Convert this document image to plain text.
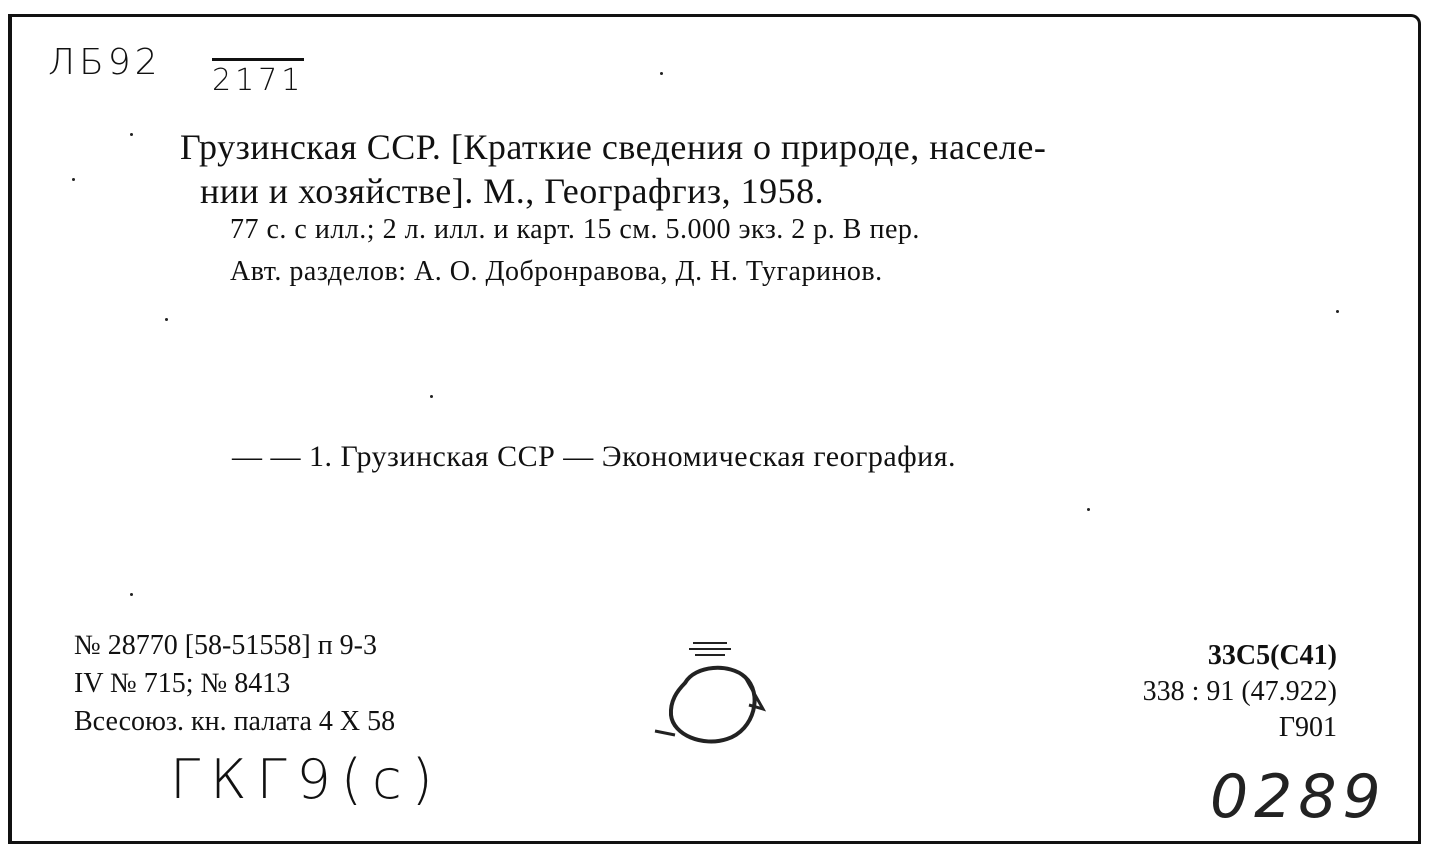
ЛБ92 2171
Грузинская ССР. [Краткие сведения о природе, населе-
нии и хозяйстве]. М., Географгиз, 1958.
77 с. с илл.; 2 л. илл. и карт. 15 см. 5.000 экз. 2 р. В пер.
Авт. разделов: А. О. Добронравова, Д. Н. Тугаринов.
— — 1. Грузинская ССР — Экономическая география.
№ 28770 [58-51558] п 9-3
IV № 715; № 8413
Всесоюз. кн. палата 4 X 58
33С5(С41)
338 : 91 (47.922)
Г901
ГКГ9(с)	0289
